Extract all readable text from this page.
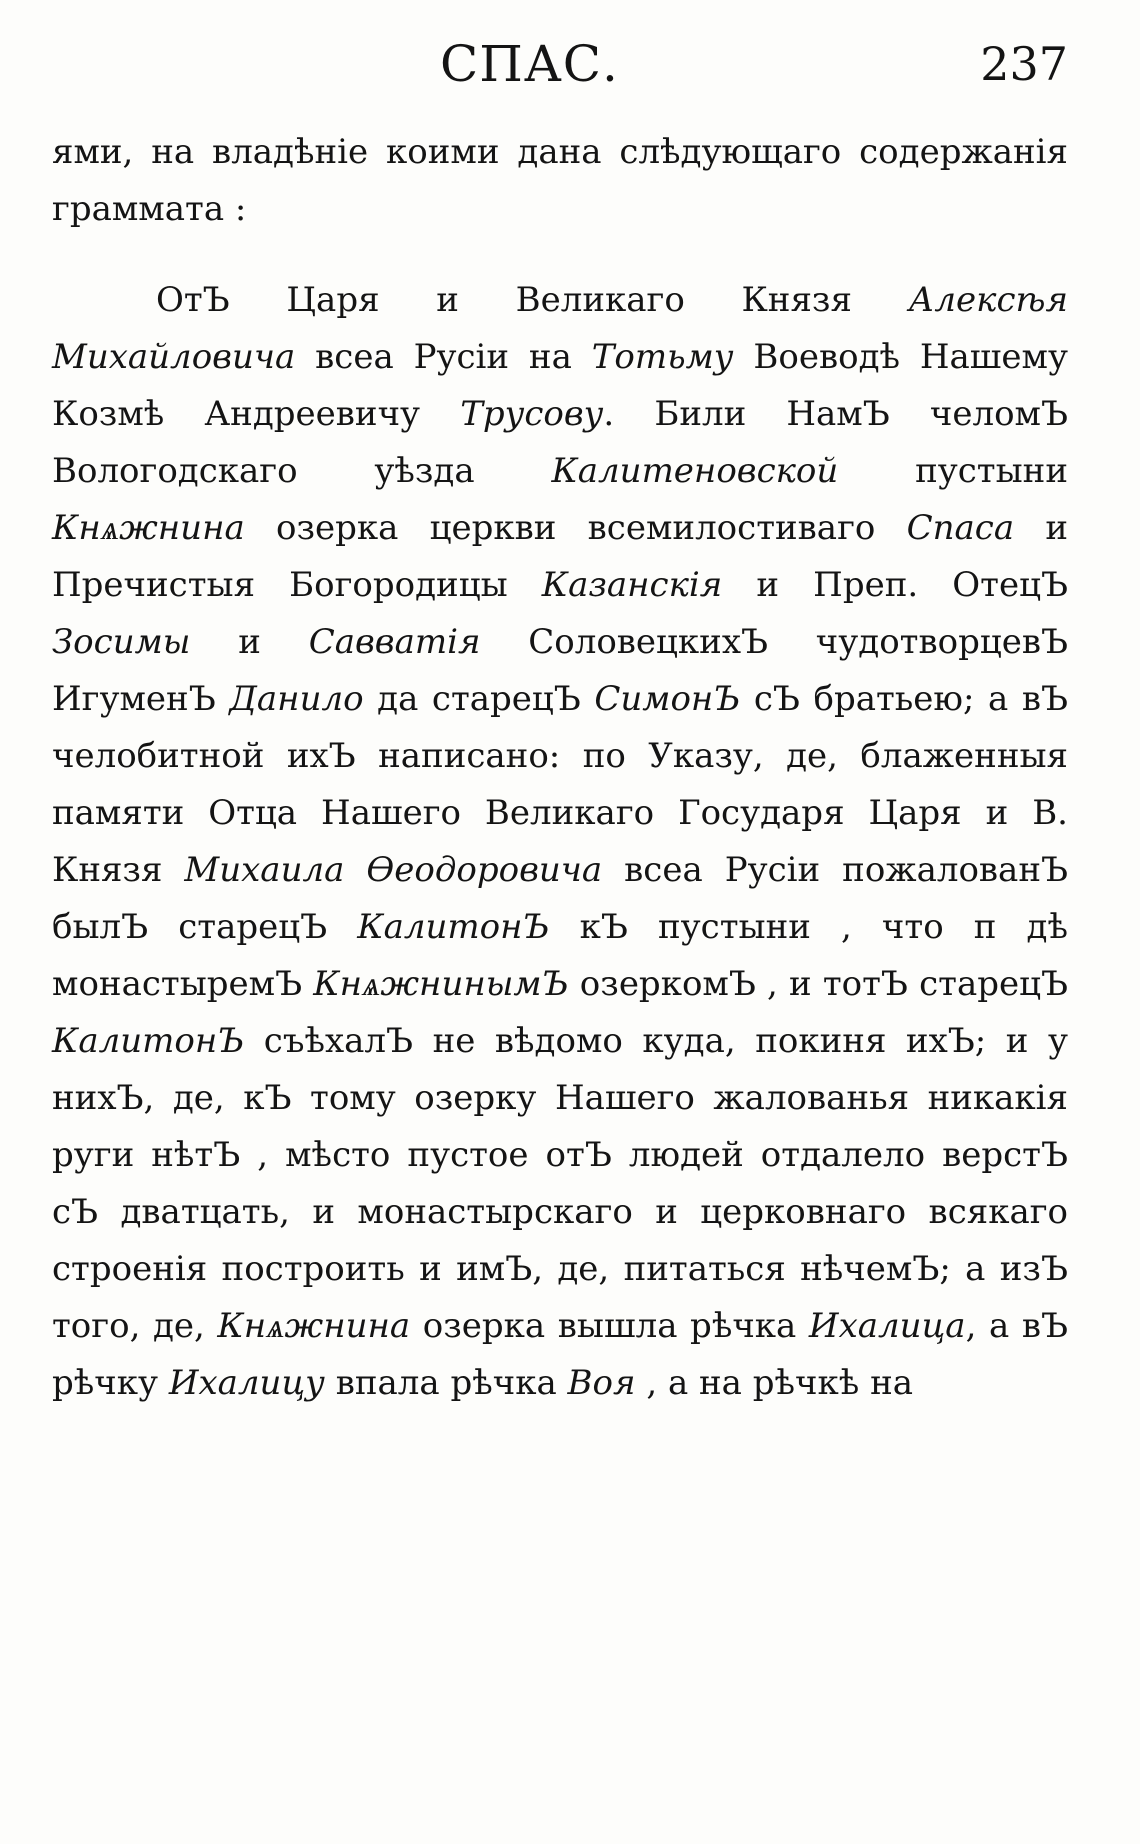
СПАС.	237

ями, на владѣніе коими дана слѣдующаго содержанія граммата :

ОтЪ Царя и Великаго Князя Алексѣя Михайловича всеа Русіи на Тотьму Воеводѣ Нашему Козмѣ Андреевичу Трусову. Били НамЪ челомЪ Вологодскаго уѣзда Калитеновской пустыни Кнѧжнина озерка церкви всемилостиваго Спаса и Пречистыя Богородицы Казанскія и Преп. ОтецЪ Зосимы и Савватія СоловецкихЪ чудотворцевЪ ИгуменЪ Данило да старецЪ СимонЪ сЪ братьею; а вЪ челобитной ихЪ написано: по Указу, де, блаженныя памяти Отца Нашего Великаго Государя Царя и В. Князя Михаила Ѳеодоровича всеа Русіи пожалованЪ былЪ старецЪ КалитонЪ кЪ пустыни , что п дѣ монастыремЪ КнѧжнинымЪ озеркомЪ , и тотЪ старецЪ КалитонЪ съѣхалЪ не вѣдомо куда, покиня ихЪ; и у нихЪ, де, кЪ тому озерку Нашего жалованья никакія руги нѣтЪ , мѣсто пустое отЪ людей отдалело верстЪ сЪ дватцать, и монастырскаго и церковнаго всякаго строенія построить и имЪ, де, питаться нѣчемЪ; а изЪ того, де, Кнѧжнина озерка вышла рѣчка Ихалица, а вЪ рѣчку Ихалицу впала рѣчка Воя , а на рѣчкѣ на
